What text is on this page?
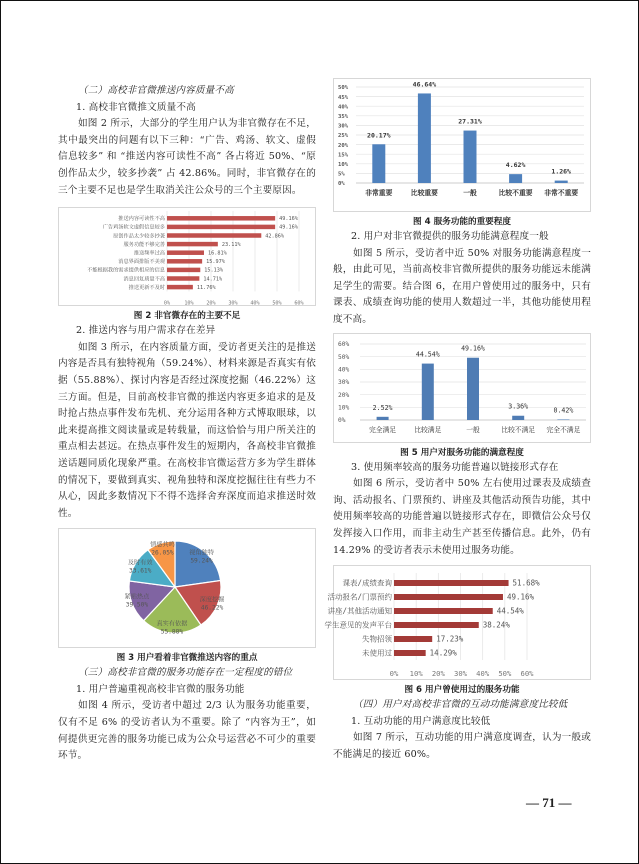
（二）高校非官微推送内容质量不高
1. 高校非官微推文质量不高

如图 2 所示，大部分的学生用户认为非官微存在不足，其中最突出的问题有以下三种：“广告、鸡汤、软文、虚假信息较多” 和 “推送内容可读性不高” 各占将近 50%、“原创作品太少，较多抄袭” 占 42.86%。同时，非官微存在的三个主要不足也是学生取消关注公众号的三个主要原因。

0%	10% 20% 30% 40% 50% 60%
推送内容可读性不高	49.16%
广告鸡汤软文虚假信息较多	49.16%
原创作品太少较多抄袭	42.86%
服务功能不够完善	23.11%
推送频率过高	16.81%
消息界面排版不美观	15.97%
不能根据我的需求提供相应的信息	15.13%
消息回复质量不高	14.71%
推送更新不及时	11.76%
图 2 非官微存在的主要不足
2. 推送内容与用户需求存在差异

如图 3 所示，在内容质量方面，受访者更关注的是推送内容是否具有独特视角（59.24%）、材料来源是否真实有依据（55.88%）、探讨内容是否经过深度挖掘（46.22%）这三方面。但是，目前高校非官微的推送内容更多追求的是及时抢占热点事件发布先机、充分运用各种方式博取眼球，以此来提高推文阅读量或是转载量，而这恰恰与用户所关注的重点相去甚远。在热点事件发生的短期内，各高校非官微推送话题同质化现象严重。在高校非官微运营方多为学生群体的情况下，要做到真实、视角独特和深度挖掘往往有些力不从心，因此多数情况下不得不选择舍弃深度而追求推送时效性。

视角独特
59.24%
深度挖掘
46.22%
真实有依据
55.88%
紧贴热点
39.50%
及时有效
33.61%
情感共鸣
26.05%
图 3 用户看着非官微推送内容的重点
（三）高校非官微的服务功能存在一定程度的错位
1. 用户普遍重视高校非官微的服务功能

如图 4 所示，受访者中超过 2/3 认为服务功能重要，仅有不足 6% 的受访者认为不重要。除了 “内容为王”，如何提供更完善的服务功能已成为公众号运营必不可少的重要环节。

0%
5%
10%
15%
20%
25%
30%
35%
40%
45%
50%
20.17%
非常重要
46.64%
比较重要
27.31%
一般
4.62%
比较不重要
1.26%
非常不重要
图 4 服务功能的重要程度
2. 用户对非官微提供的服务功能满意程度一般

如图 5 所示，受访者中近 50% 对服务功能满意程度一般，由此可见，当前高校非官微所提供的服务功能远未能满足学生的需要。结合图 6，在用户曾使用过的服务中，只有课表、成绩查询功能的使用人数超过一半，其他功能使用程度不高。

0%
10%
20%
30%
40%
50%
60%
2.52%
完全满足
44.54%
比较满足
49.16%
一般
3.36%
比较不满足
0.42%
完全不满足
图 5 用户对服务功能的满意程度
3. 使用频率较高的服务功能普遍以链接形式存在

如图 6 所示，受访者中 50% 左右使用过课表及成绩查询、活动报名、门票预约、讲座及其他活动预告功能，其中使用频率较高的功能普遍以链接形式存在，即微信公众号仅发挥接入口作用，而非主动生产甚至传播信息。此外，仍有 14.29% 的受访者表示未使用过服务功能。

0% 10% 20% 30% 40% 50% 60%
课表/成绩查询	51.68%
活动报名/门票预约	49.16%
讲座/其他活动通知	44.54%
学生意见的发声平台	38.24%
失物招领	17.23%
未使用过	14.29%
图 6 用户曾使用过的服务功能
（四）用户对高校非官微的互动功能满意度比较低
1. 互动功能的用户满意度比较低

如图 7 所示，互动功能的用户满意度调查，认为一般或不能满足的接近 60%。

— 71 —
